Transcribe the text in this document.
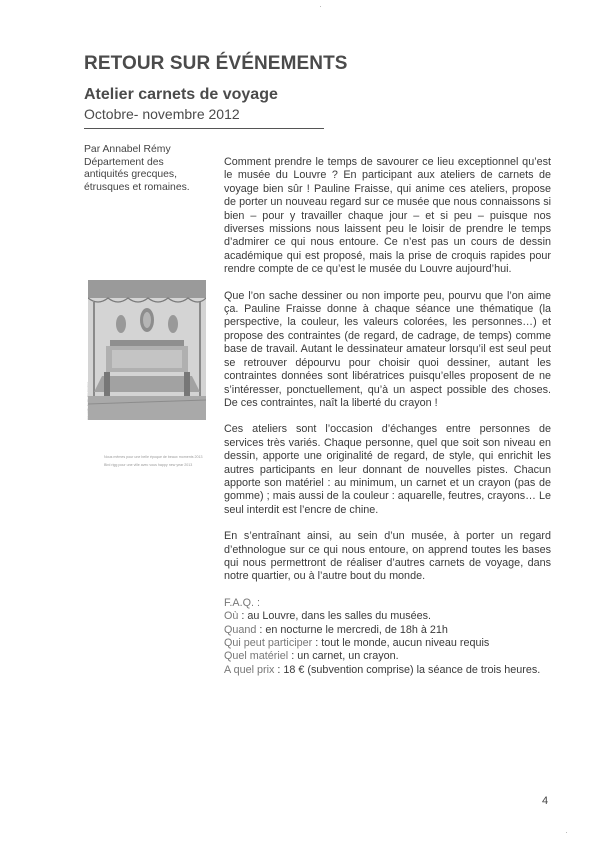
RETOUR SUR ÉVÉNEMENTS
Atelier carnets de voyage
Octobre- novembre 2012
Par Annabel Rémy
Département des
antiquités grecques,
étrusques et romaines.
Nous mêmes pour une belle époque de beaux moments 2013
Bird rigg pour une ville avec vous happy new year 2013

Comment prendre le temps de savourer ce lieu exceptionnel qu’est le musée du Louvre ? En participant aux ateliers de carnets de voyage bien sûr ! Pauline Fraisse, qui anime ces ateliers, propose de porter un nouveau regard sur ce musée que nous connaissons si bien – pour y travailler chaque jour – et si peu – puisque nos diverses missions nous laissent peu le loisir de prendre le temps d’admirer ce qui nous entoure. Ce n’est pas un cours de dessin académique qui est proposé, mais la prise de croquis rapides pour rendre compte de ce qu’est le musée du Louvre aujourd’hui.

Que l’on sache dessiner ou non importe peu, pourvu que l’on aime ça. Pauline Fraisse donne à chaque séance une thématique (la perspective, la couleur, les valeurs colorées, les personnes…) et propose des contraintes (de regard, de cadrage, de temps) comme base de travail. Autant le dessinateur amateur lorsqu’il est seul peut se retrouver dépourvu pour choisir quoi dessiner, autant les contraintes données sont libératrices puisqu’elles proposent de ne s’intéresser, ponctuellement, qu’à un aspect possible des choses. De ces contraintes, naît la liberté du crayon !

Ces ateliers sont l’occasion d’échanges entre personnes de services très variés. Chaque personne, quel que soit son niveau en dessin, apporte une originalité de regard, de style, qui enrichit les autres participants en leur donnant de nouvelles pistes. Chacun apporte son matériel : au minimum, un carnet et un crayon (pas de gomme) ; mais aussi de la couleur : aquarelle, feutres, crayons… Le seul interdit est l’encre de chine.

En s’entraînant ainsi, au sein d’un musée, à porter un regard d’ethnologue sur ce qui nous entoure, on apprend toutes les bases qui nous permettront de réaliser d’autres carnets de voyage, dans notre quartier, ou à l’autre bout du monde.

F.A.Q. :
Où : au Louvre, dans les salles du musées.
Quand : en nocturne le mercredi, de 18h à 21h
Qui peut participer : tout le monde, aucun niveau requis
Quel matériel : un carnet, un crayon.
A quel prix : 18 € (subvention comprise) la séance de trois heures.
4
